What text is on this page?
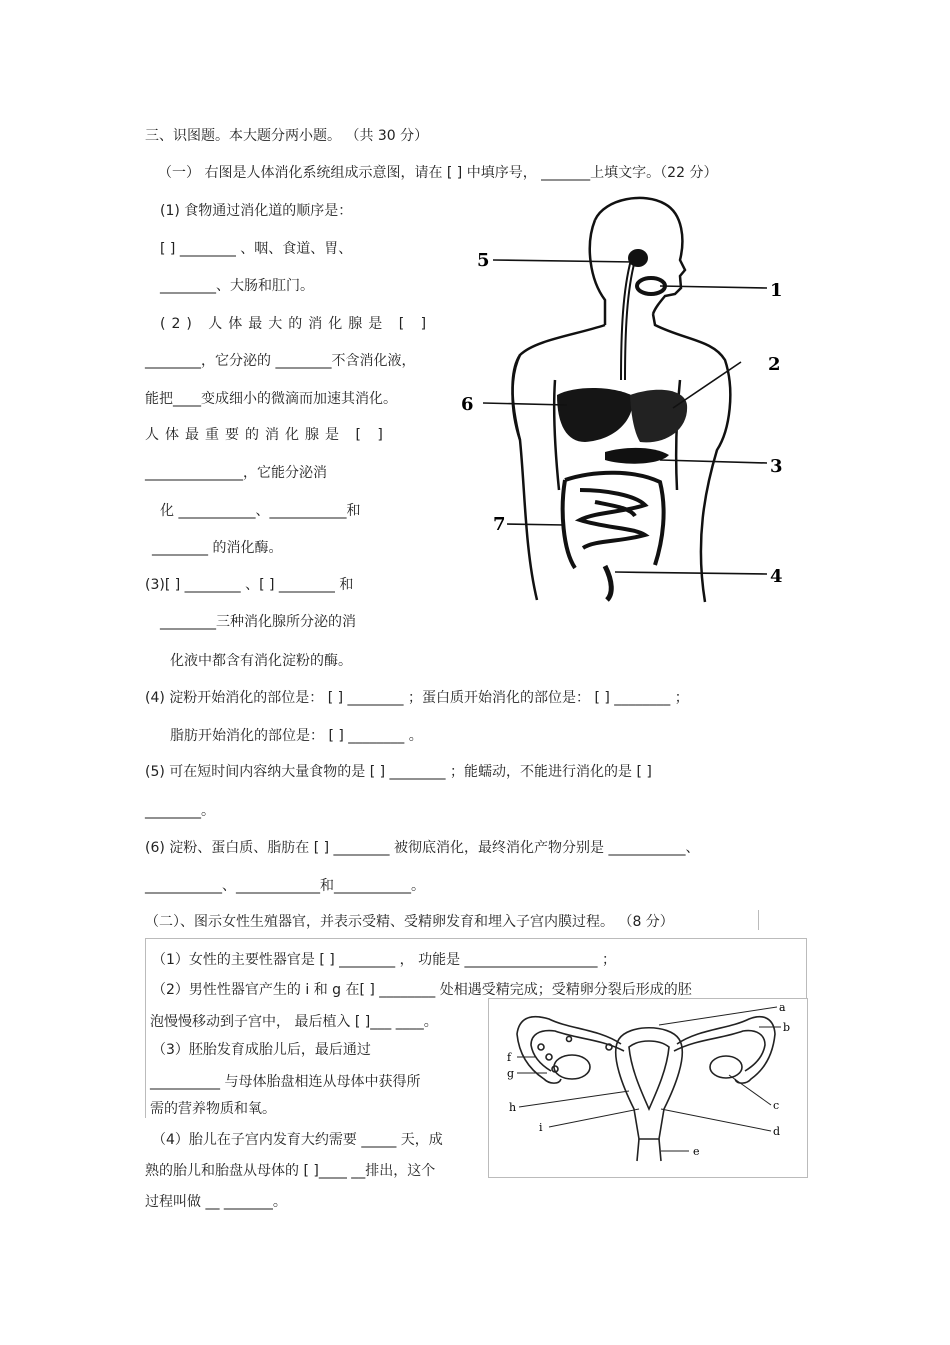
三、识图题。本大题分两小题。 （共 30 分）
（一） 右图是人体消化系统组成示意图，请在 [ ] 中填序号， _______上填文字。（22 分）
(1) 食物通过消化道的顺序是：
[ ] ________ 、咽、食道、胃、
________、大肠和肛门。
(2) 人体最大的消化腺是 [ ]
________，它分泌的 ________不含消化液，
能把____变成细小的微滴而加速其消化。
人体最重要的消化腺是 [ ]
______________，它能分泌消
化 ___________、___________和
________ 的消化酶。
(3)[ ] ________ 、[ ] ________ 和
________三种消化腺所分泌的消
化液中都含有消化淀粉的酶。
(4) 淀粉开始消化的部位是： [ ] ________ ；蛋白质开始消化的部位是： [ ] ________ ；
脂肪开始消化的部位是： [ ] ________ 。
(5) 可在短时间内容纳大量食物的是 [ ] ________ ；能蠕动，不能进行消化的是 [ ]
________。
(6) 淀粉、蛋白质、脂肪在 [ ] ________ 被彻底消化，最终消化产物分别是 ___________、
___________、____________和___________。
5
1
2
6
3
7
4
（二）、图示女性生殖器官，并表示受精、受精卵发育和埋入子宫内膜过程。 （8 分）
（1）女性的主要性器官是 [ ] ________ ， 功能是 ___________________ ；
（2）男性性器官产生的 i 和 g 在[ ] ________ 处相遇受精完成；受精卵分裂后形成的胚
泡慢慢移动到子宫中， 最后植入 [ ]___ ____。
（3）胚胎发育成胎儿后，最后通过
__________ 与母体胎盘相连从母体中获得所
需的营养物质和氧。
（4）胎儿在子宫内发育大约需要 _____ 天，成
熟的胎儿和胎盘从母体的 [ ]____ __排出，这个
过程叫做 __ _______。
a
b
c
d
e
f
g
h
i
